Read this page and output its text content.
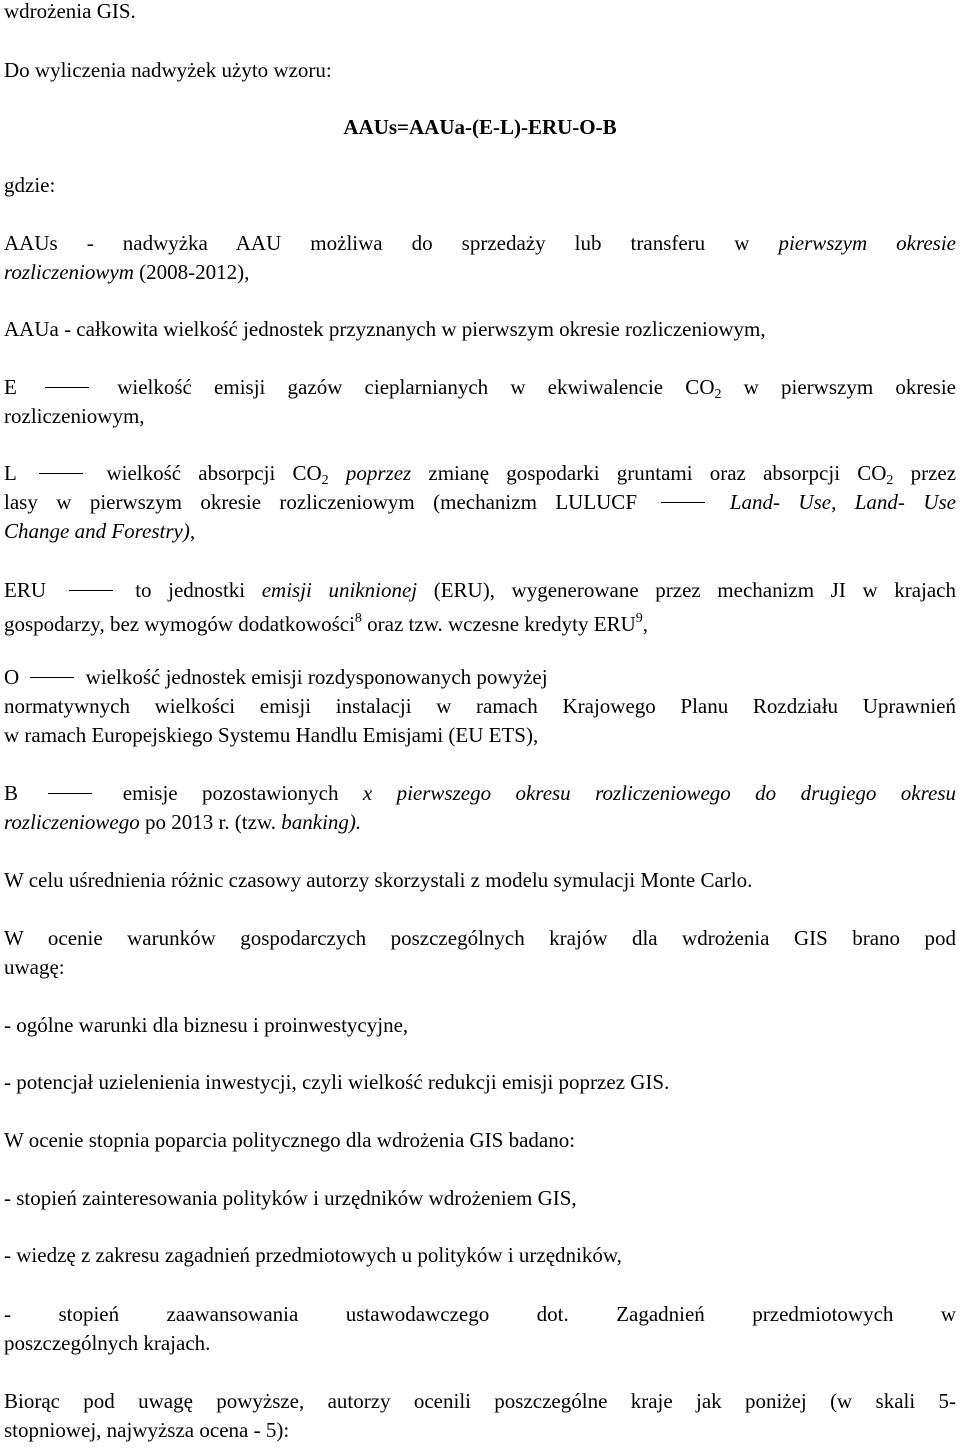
wdrożenia GIS.
Do wyliczenia nadwyżek użyto wzoru:
AAUs=AAUa-(E-L)-ERU-O-B
gdzie:
AAUs - nadwyżka AAU możliwa do sprzedaży lub transferu w pierwszym okresie
rozliczeniowym (2008-2012),
AAUa - całkowita wielkość jednostek przyznanych w pierwszym okresie rozliczeniowym,
E	wielkość emisji gazów cieplarnianych w ekwiwalencie $CO_2$ w pierwszym okresie
rozliczeniowym,
L	wielkość absorpcji $CO_2$ poprzez zmianę gospodarki gruntami oraz absorpcji $CO_2$ przez
lasy w pierwszym okresie rozliczeniowym (mechanizm LULUCF	Land- Use, Land- Use
Change and Forestry),
ERU	to jednostki emisji uniknionej (ERU), wygenerowane przez mechanizm JI w krajach
gospodarzy, bez wymogów dodatkowości$^8$ oraz tzw. wczesne kredyty ERU$^9$,
O	wielkość jednostek emisji rozdysponowanych powyżej
normatywnych wielkości emisji instalacji w ramach Krajowego Planu Rozdziału Uprawnień
w ramach Europejskiego Systemu Handlu Emisjami (EU ETS),
B	emisje pozostawionych x pierwszego okresu rozliczeniowego do drugiego okresu
rozliczeniowego po 2013 r. (tzw. banking).
W celu uśrednienia różnic czasowy autorzy skorzystali z modelu symulacji Monte Carlo.
W ocenie warunków gospodarczych poszczególnych krajów dla wdrożenia GIS brano pod
uwagę:
- ogólne warunki dla biznesu i proinwestycyjne,
- potencjał uzielenienia inwestycji, czyli wielkość redukcji emisji poprzez GIS.
W ocenie stopnia poparcia politycznego dla wdrożenia GIS badano:
- stopień zainteresowania polityków i urzędników wdrożeniem GIS,
- wiedzę z zakresu zagadnień przedmiotowych u polityków i urzędników,
- stopień zaawansowania ustawodawczego dot. Zagadnień przedmiotowych w
poszczególnych krajach.
Biorąc pod uwagę powyższe, autorzy ocenili poszczególne kraje jak poniżej (w skali 5-
stopniowej, najwyższa ocena - 5):
